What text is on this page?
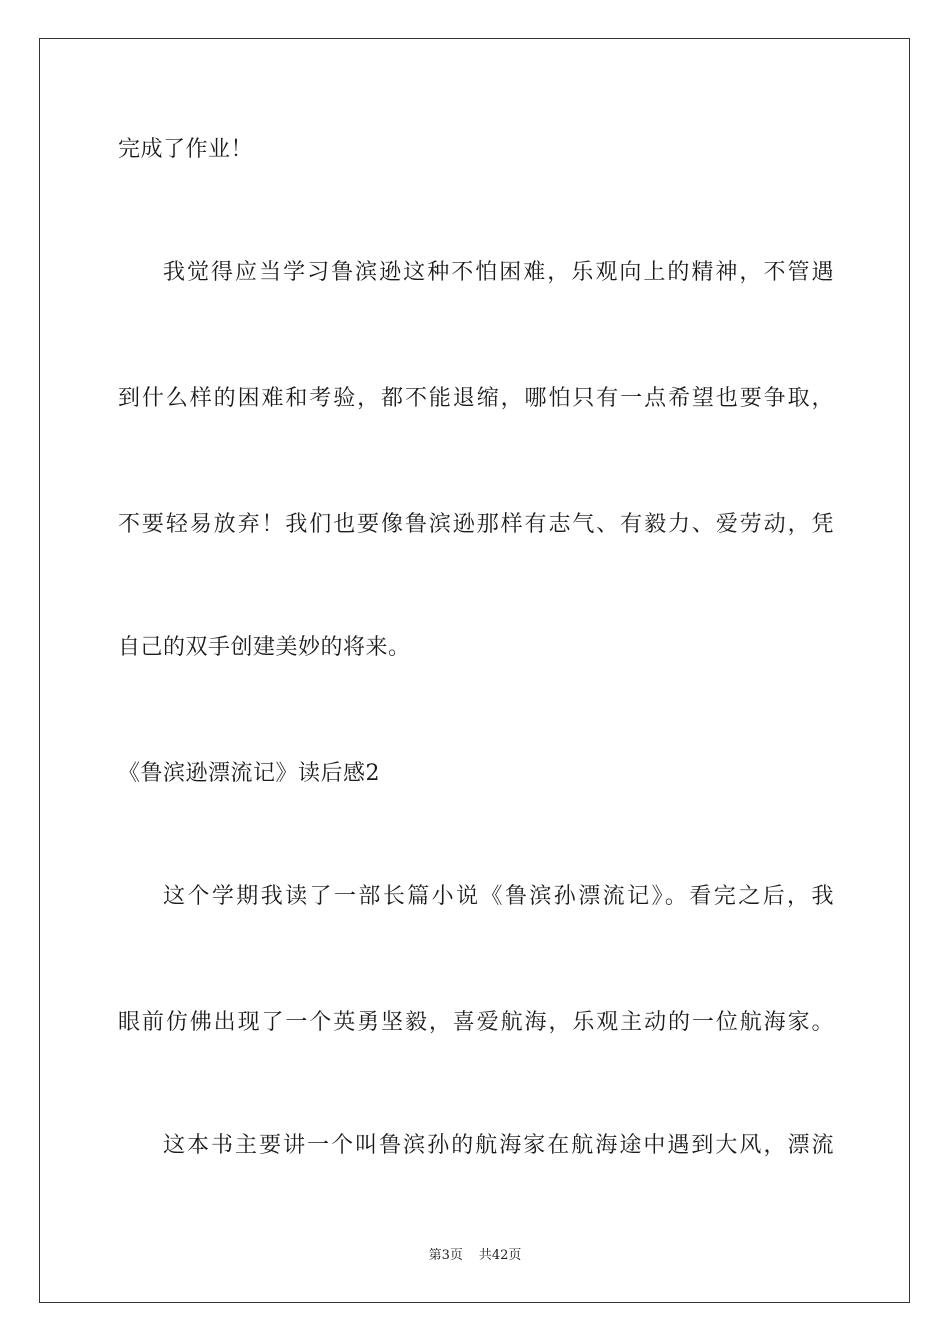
完成了作业！
我觉得应当学习鲁滨逊这种不怕困难，乐观向上的精神，不管遇
到什么样的困难和考验，都不能退缩，哪怕只有一点希望也要争取，
不要轻易放弃！我们也要像鲁滨逊那样有志气、有毅力、爱劳动，凭
自己的双手创建美妙的将来。
《鲁滨逊漂流记》读后感2
这个学期我读了一部长篇小说《鲁滨孙漂流记》。看完之后，我
眼前仿佛出现了一个英勇坚毅，喜爱航海，乐观主动的一位航海家。
这本书主要讲一个叫鲁滨孙的航海家在航海途中遇到大风，漂流
第3页 共42页
